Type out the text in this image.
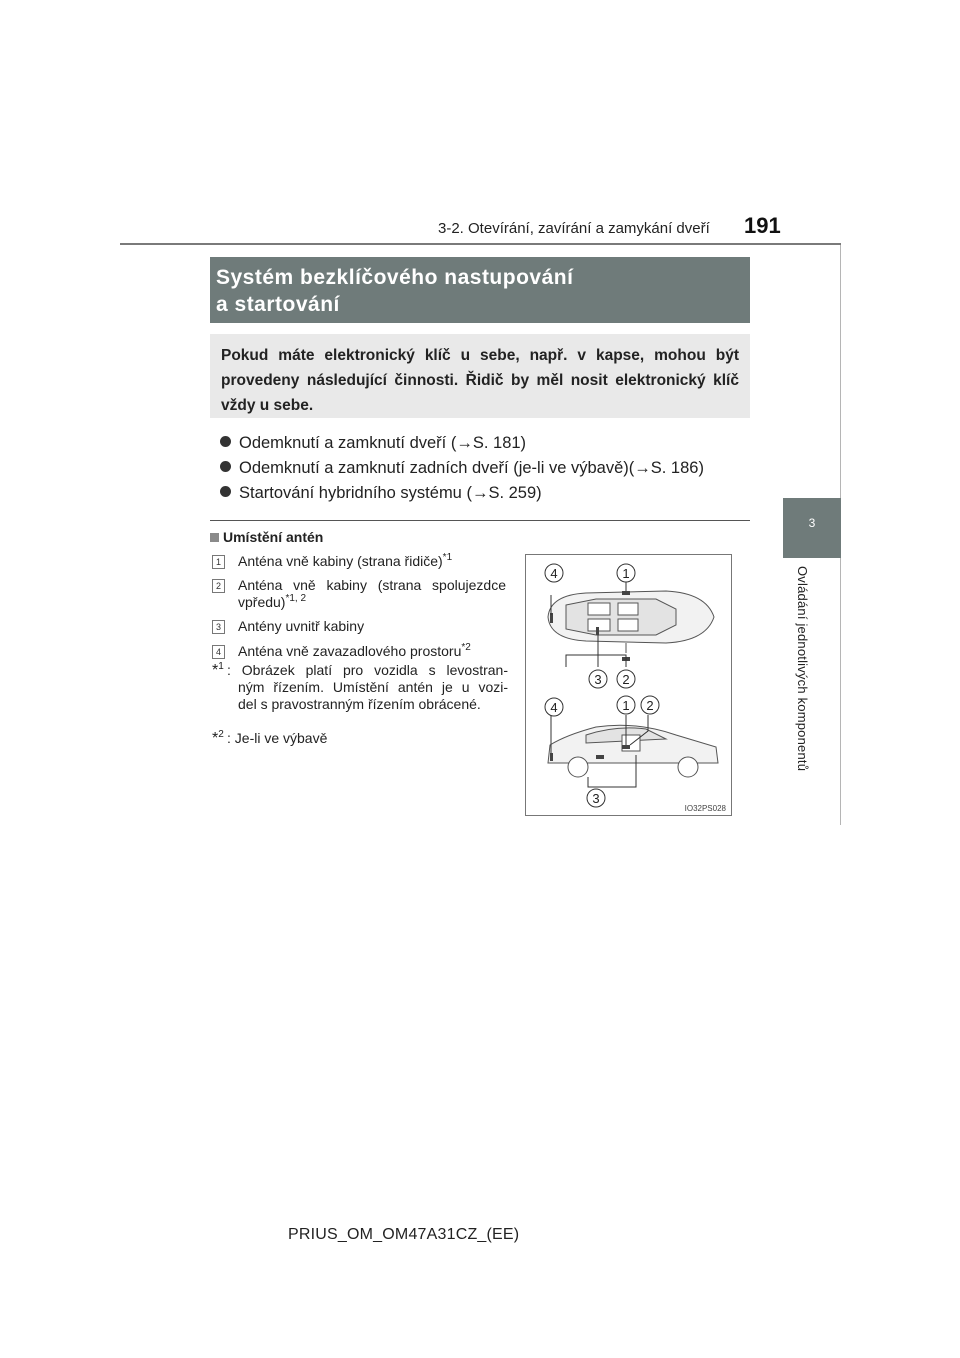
3-2. Otevírání, zavírání a zamykání dveří 191
3
Ovládání jednotlivých komponentů
Systém bezklíčového nastupování
a startování
Pokud máte elektronický klíč u sebe, např. v kapse, mohou být provedeny následující činnosti. Řidič by měl nosit elektronický klíč vždy u sebe.
Odemknutí a zamknutí dveří (→S. 181)
Odemknutí a zamknutí zadních dveří (je-li ve výbavě)(→S. 186)
Startování hybridního systému (→S. 259)
Umístění antén
1 Anténa vně kabiny (strana řidiče)$^{*1}$
2 Anténa vně kabiny (strana spolujezdce
vpředu)$^{*1, 2}$
3 Antény uvnitř kabiny
4 Anténa vně zavazadlového prostoru$^{*2}$
*$^1$ : Obrázek platí pro vozidla s levostran-
ným řízením. Umístění antén je u vozi-
del s pravostranným řízením obrácené.
*$^2$ : Je-li ve výbavě
4	1
3 2
4	1 2
3
IO32PS028
PRIUS_OM_OM47A31CZ_(EE)
